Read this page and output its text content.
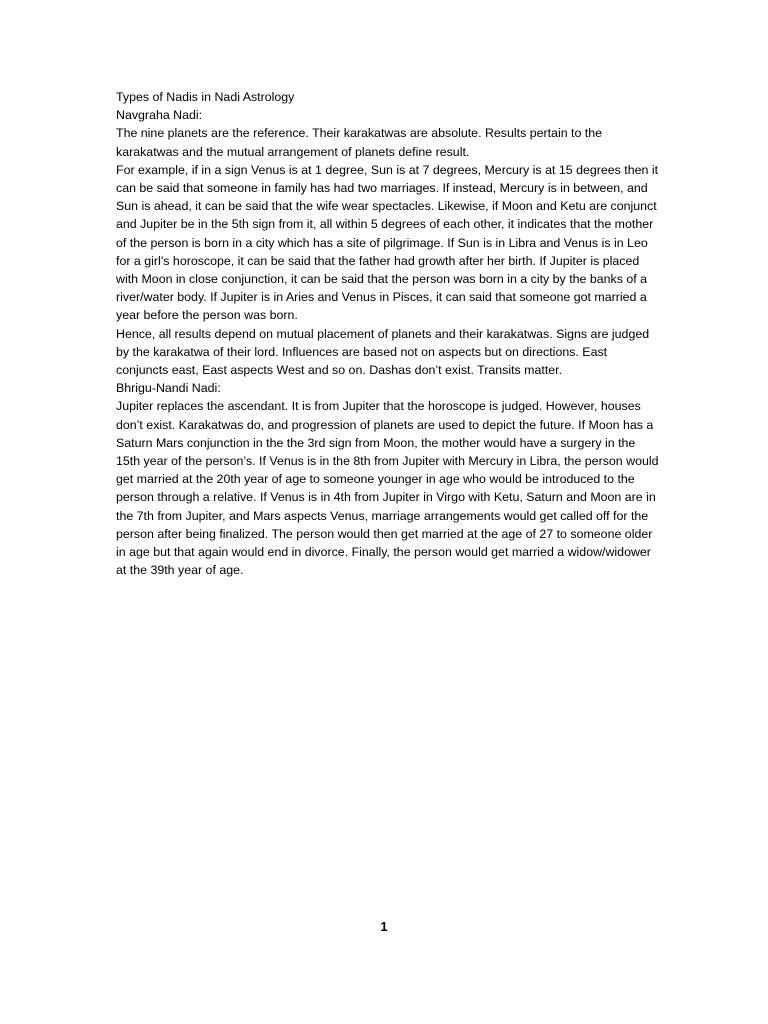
Types of Nadis in Nadi Astrology

Navgraha Nadi:

The nine planets are the reference. Their karakatwas are absolute. Results pertain to the karakatwas and the mutual arrangement of planets define result.

For example, if in a sign Venus is at 1 degree, Sun is at 7 degrees, Mercury is at 15 degrees then it can be said that someone in family has had two marriages. If instead, Mercury is in between, and Sun is ahead, it can be said that the wife wear spectacles. Likewise, if Moon and Ketu are conjunct and Jupiter be in the 5th sign from it, all within 5 degrees of each other, it indicates that the mother of the person is born in a city which has a site of pilgrimage. If Sun is in Libra and Venus is in Leo for a girl’s horoscope, it can be said that the father had growth after her birth. If Jupiter is placed with Moon in close conjunction, it can be said that the person was born in a city by the banks of a river/water body. If Jupiter is in Aries and Venus in Pisces, it can said that someone got married a year before the person was born.

Hence, all results depend on mutual placement of planets and their karakatwas. Signs are judged by the karakatwa of their lord. Influences are based not on aspects but on directions. East conjuncts east, East aspects West and so on. Dashas don’t exist. Transits matter.

Bhrigu-Nandi Nadi:

Jupiter replaces the ascendant. It is from Jupiter that the horoscope is judged. However, houses don’t exist. Karakatwas do, and progression of planets are used to depict the future. If Moon has a Saturn Mars conjunction in the the 3rd sign from Moon, the mother would have a surgery in the 15th year of the person’s. If Venus is in the 8th from Jupiter with Mercury in Libra, the person would get married at the 20th year of age to someone younger in age who would be introduced to the person through a relative. If Venus is in 4th from Jupiter in Virgo with Ketu, Saturn and Moon are in the 7th from Jupiter, and Mars aspects Venus, marriage arrangements would get called off for the person after being finalized. The person would then get married at the age of 27 to someone older in age but that again would end in divorce. Finally, the person would get married a widow/widower at the 39th year of age.

1
